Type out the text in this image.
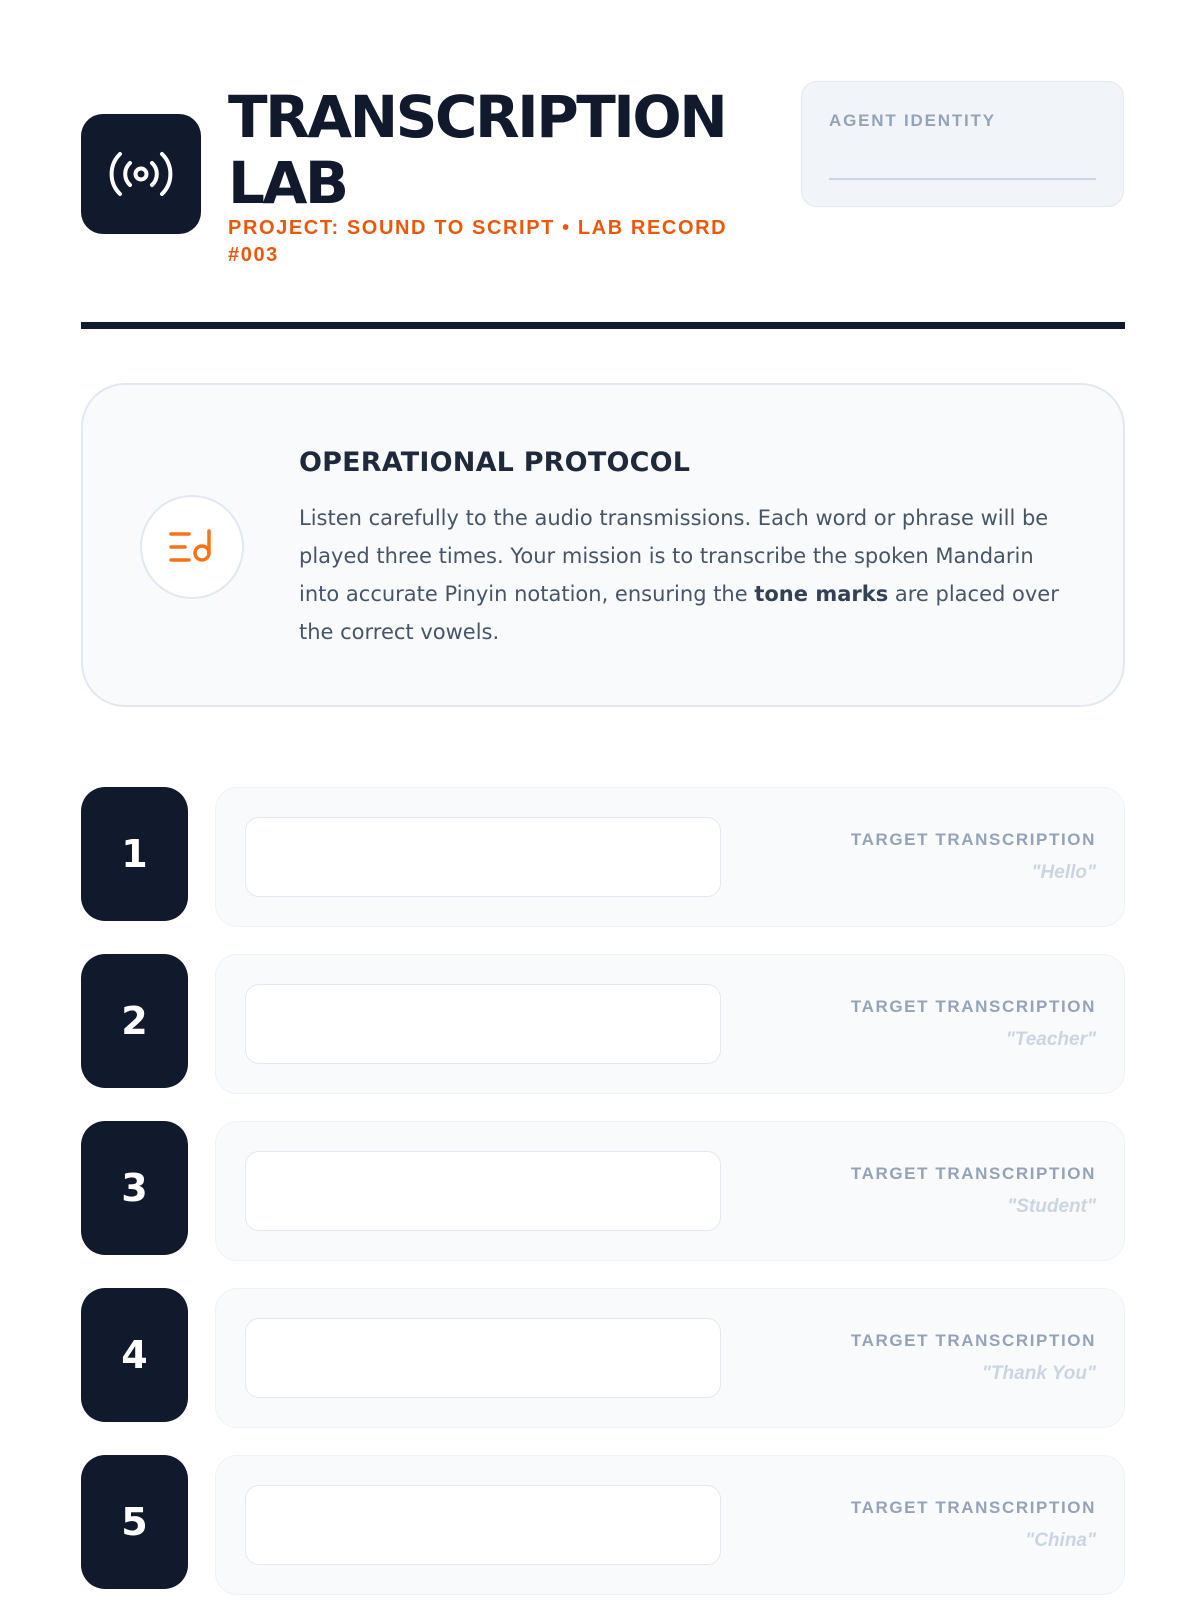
TRANSCRIPTION LAB
PROJECT: SOUND TO SCRIPT • LAB RECORD #003
AGENT IDENTITY
OPERATIONAL PROTOCOL

Listen carefully to the audio transmissions. Each word or phrase will be played three times. Your mission is to transcribe the spoken Mandarin into accurate Pinyin notation, ensuring the tone marks are placed over the correct vowels.

1	TARGET TRANSCRIPTION
"Hello"
2	TARGET TRANSCRIPTION
"Teacher"
3	TARGET TRANSCRIPTION
"Student"
4	TARGET TRANSCRIPTION
"Thank You"
5	TARGET TRANSCRIPTION
"China"
